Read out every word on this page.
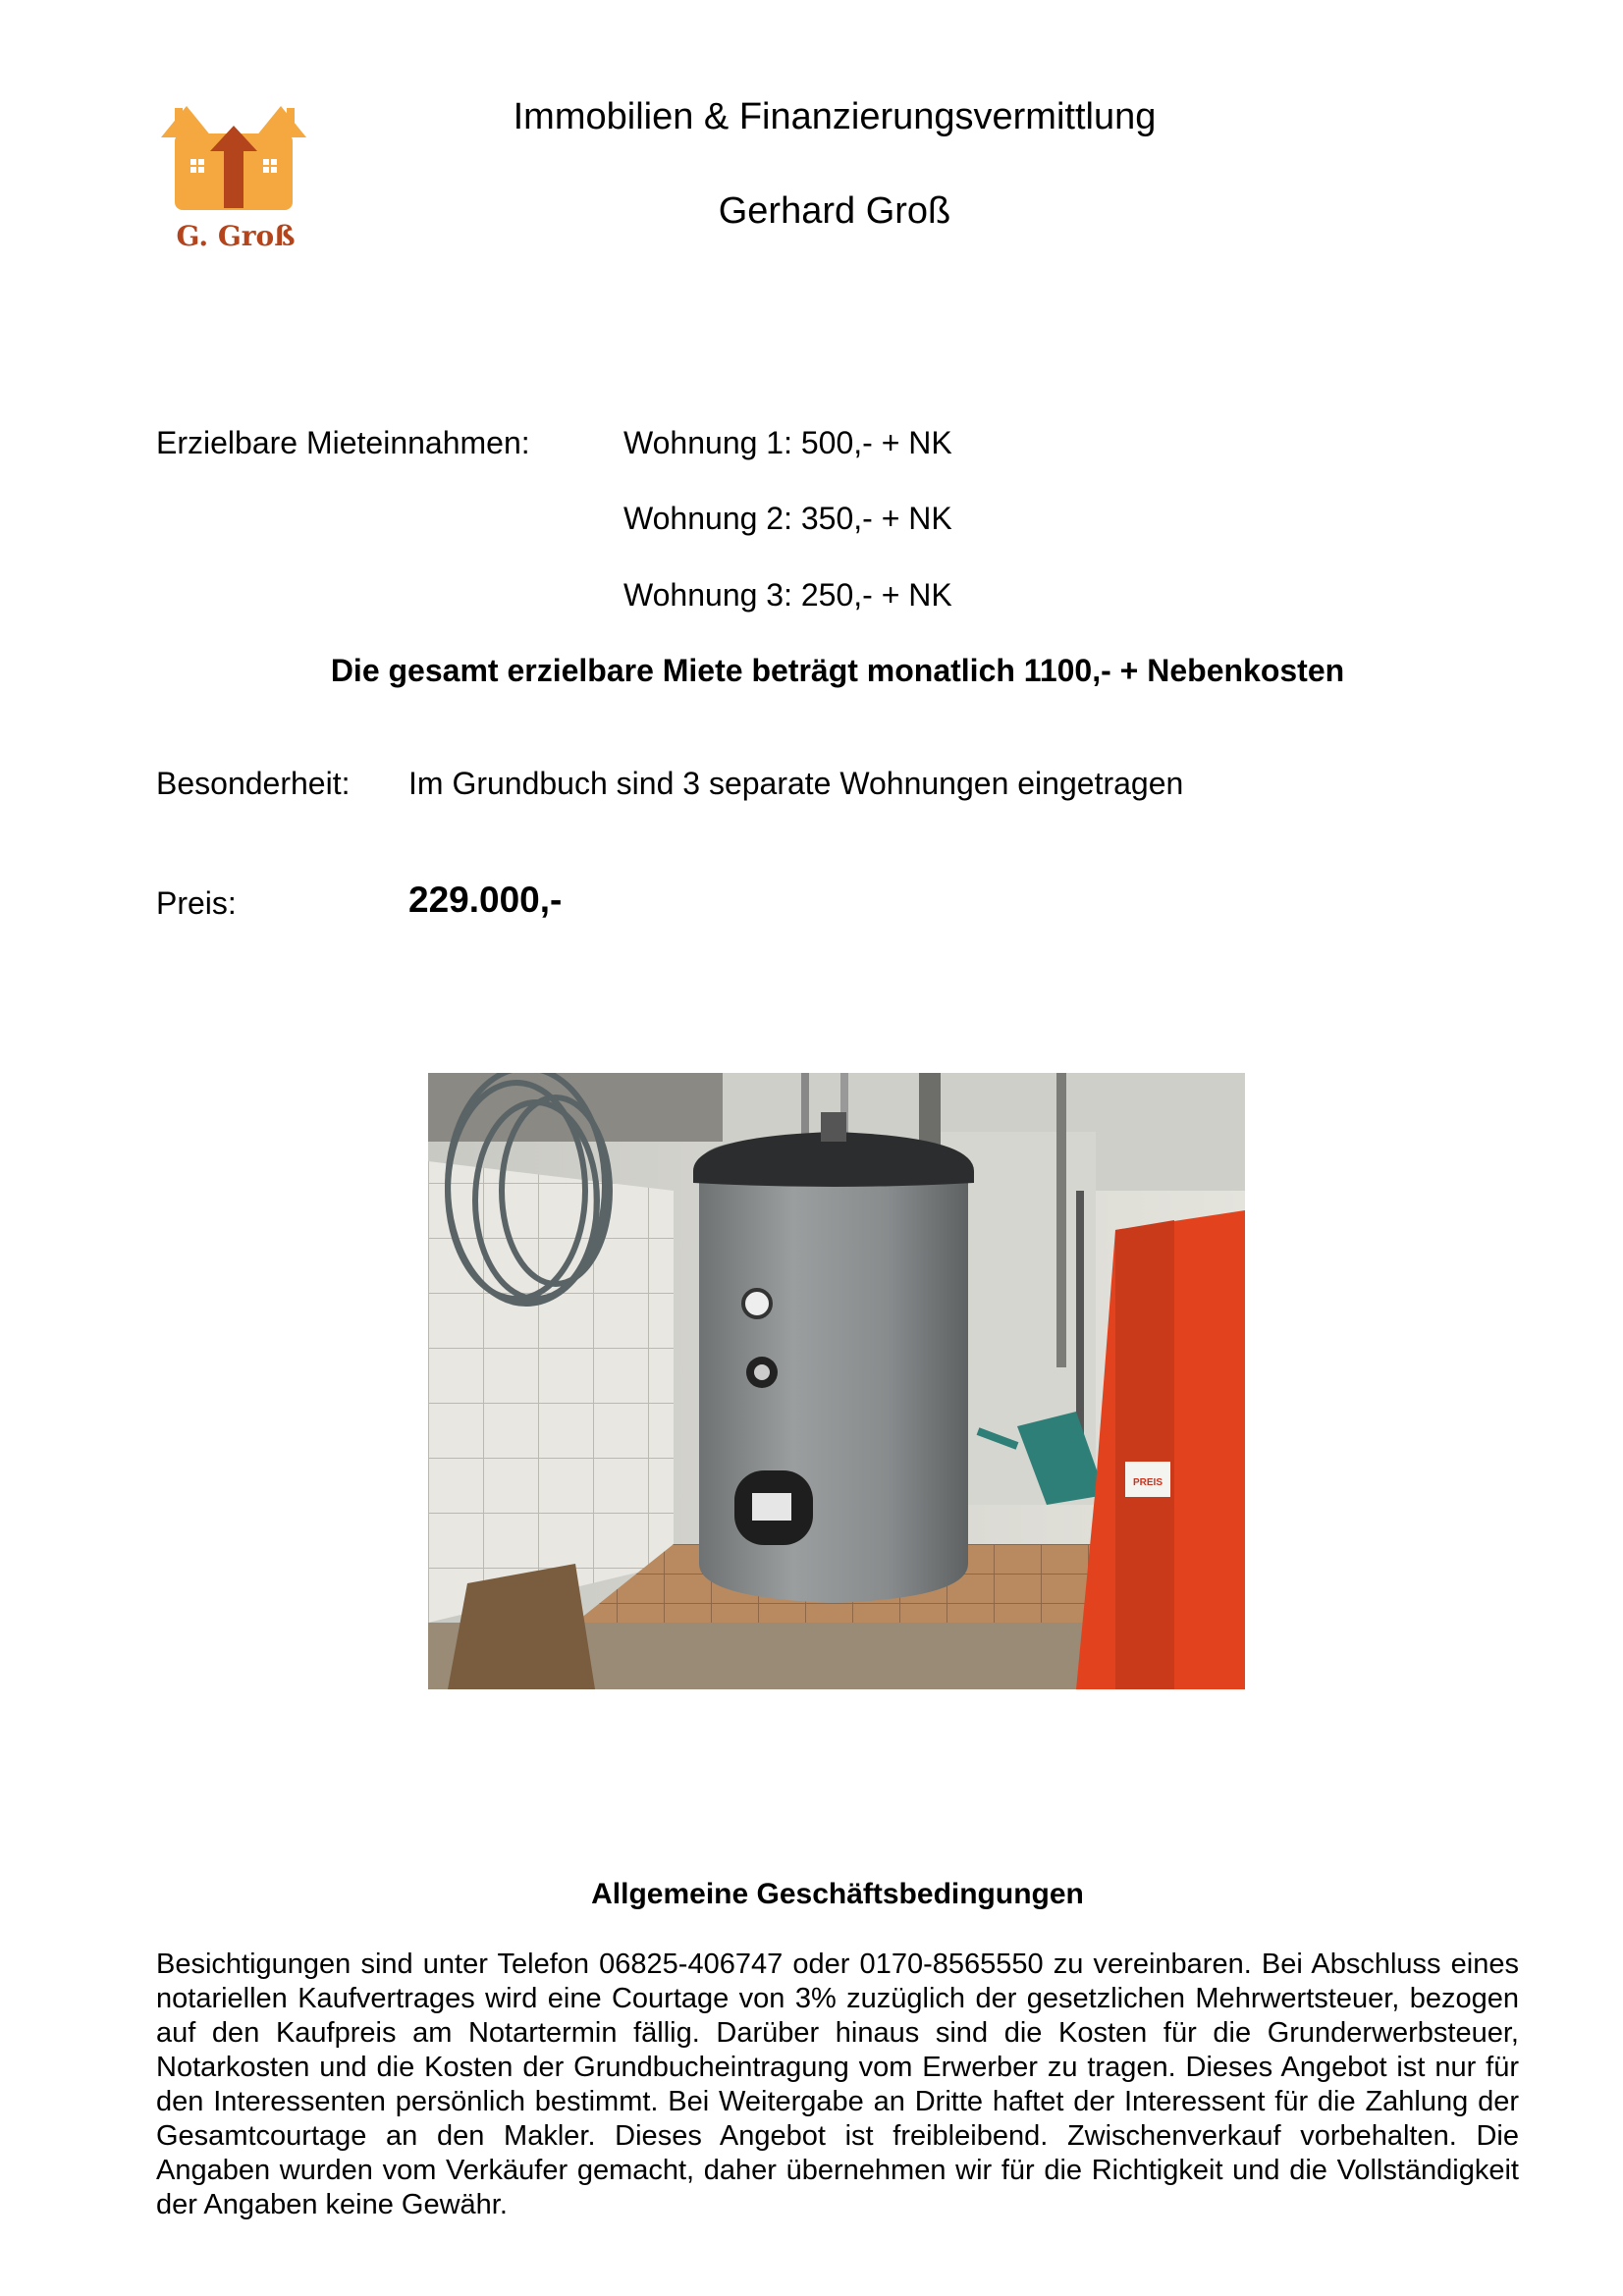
G. Groß
Immobilien & Finanzierungsvermittlung
Gerhard Groß
Erzielbare Mieteinnahmen:	Wohnung 1: 500,- + NK
Wohnung 2: 350,- + NK
Wohnung 3: 250,- + NK
Die gesamt erzielbare Miete beträgt monatlich 1100,- + Nebenkosten
Besonderheit: Im Grundbuch sind 3 separate Wohnungen eingetragen
Preis:	229.000,-
PREIS
Allgemeine Geschäftsbedingungen
Besichtigungen sind unter Telefon 06825-406747 oder 0170-8565550 zu vereinbaren. Bei Abschluss eines notariellen Kaufvertrages wird eine Courtage von 3% zuzüglich der gesetzlichen Mehrwertsteuer, bezogen auf den Kaufpreis am Notartermin fällig. Darüber hinaus sind die Kosten für die Grunderwerbsteuer, Notarkosten und die Kosten der Grundbucheintragung vom Erwerber zu tragen. Dieses Angebot ist nur für den Interessenten persönlich bestimmt. Bei Weitergabe an Dritte haftet der Interessent für die Zahlung der Gesamtcourtage an den Makler. Dieses Angebot ist freibleibend. Zwischenverkauf vorbehalten. Die Angaben wurden vom Verkäufer gemacht, daher übernehmen wir für die Richtigkeit und die Vollständigkeit der Angaben keine Gewähr.
